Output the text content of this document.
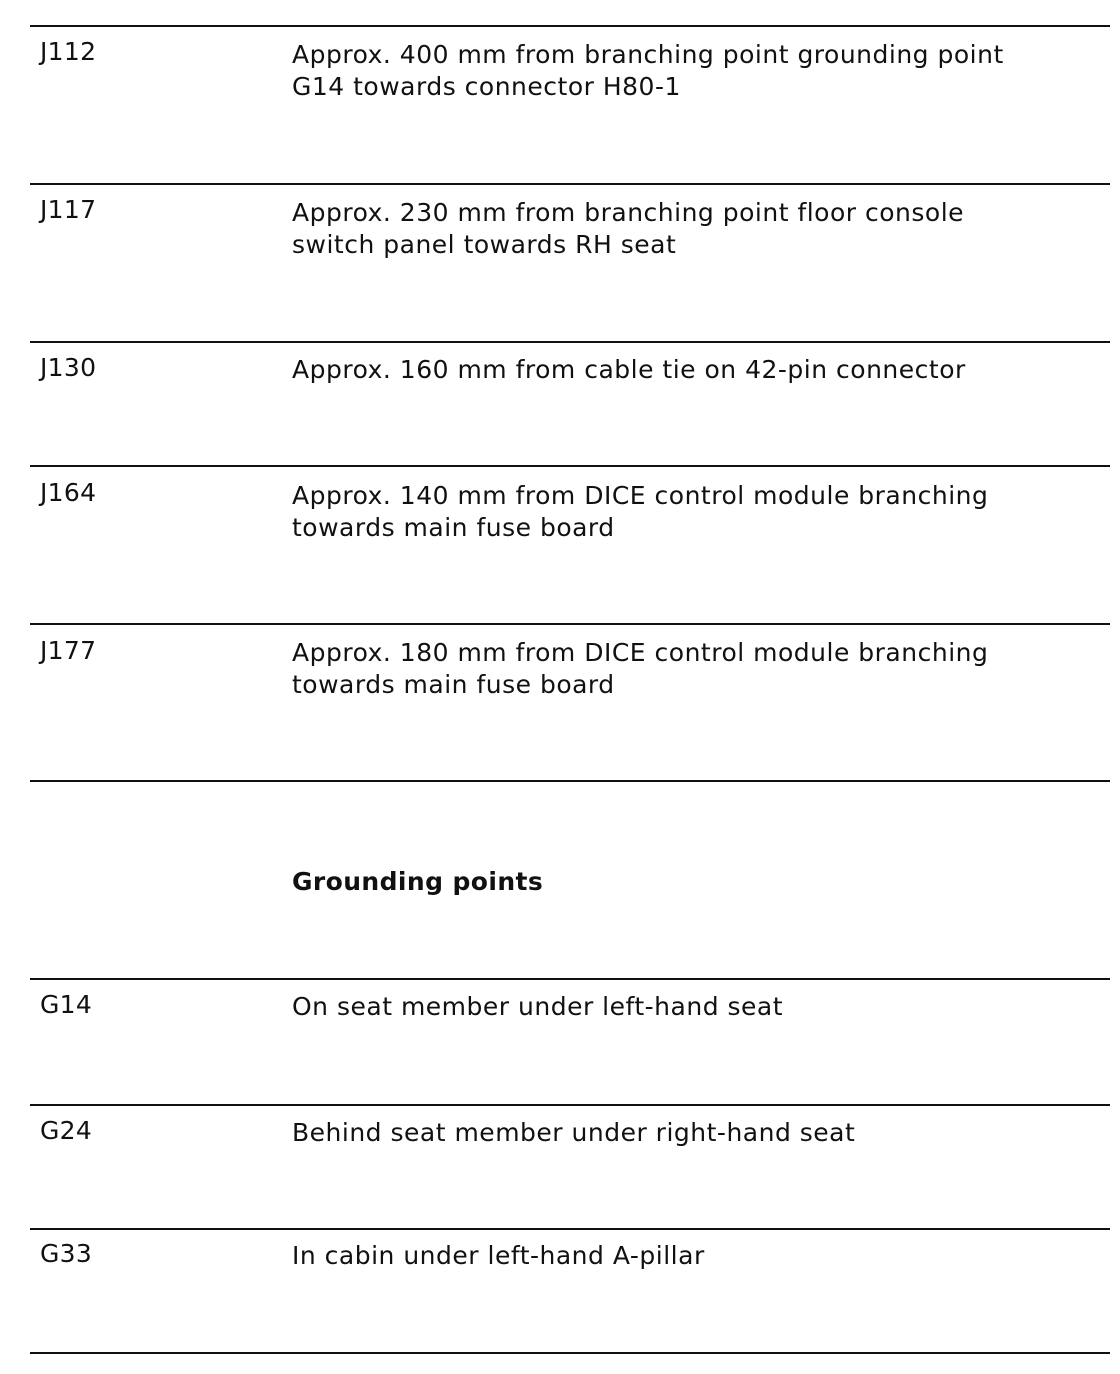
J112	Approx. 400 mm from branching point grounding point
G14 towards connector H80-1
J117	Approx. 230 mm from branching point floor console
switch panel towards RH seat
J130	Approx. 160 mm from cable tie on 42-pin connector
J164	Approx. 140 mm from DICE control module branching
towards main fuse board
J177	Approx. 180 mm from DICE control module branching
towards main fuse board
Grounding points
G14	On seat member under left-hand seat
G24	Behind seat member under right-hand seat
G33	In cabin under left-hand A-pillar
